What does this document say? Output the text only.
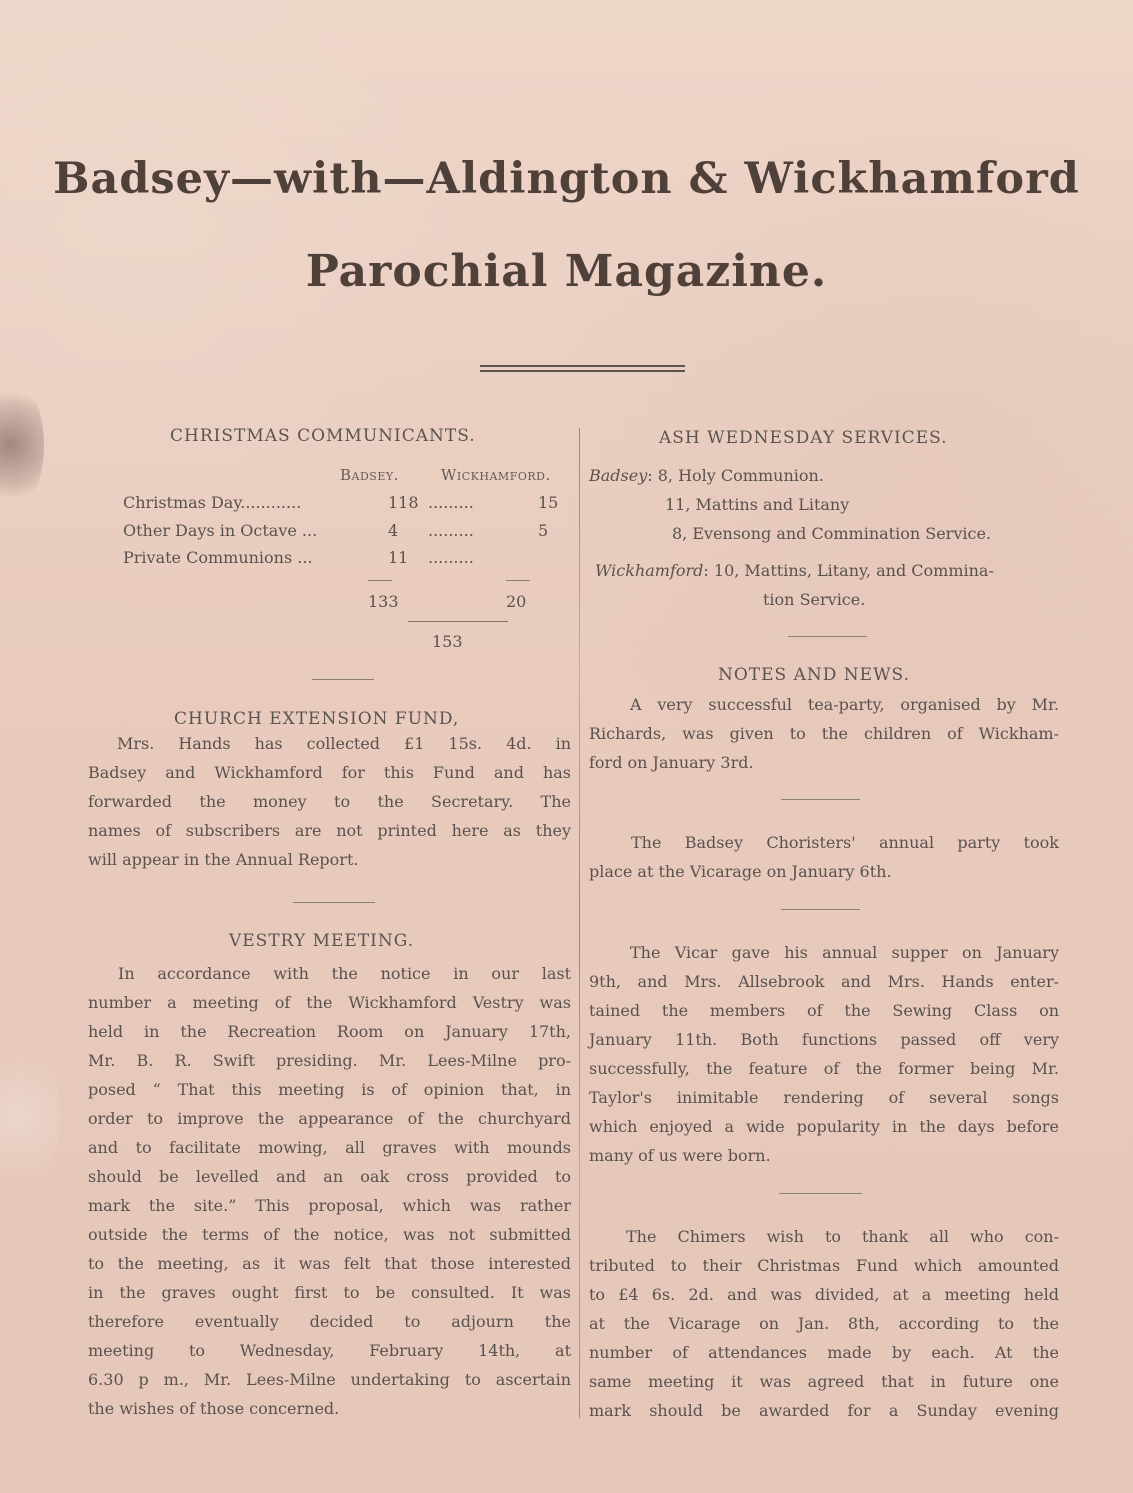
Badsey—with—Aldington & Wickhamford
Parochial Magazine.
CHRISTMAS COMMUNICANTS.
Badsey.	Wickhamford.
Christmas Day............	118 .........	15
Other Days in Octave ...	4 .........	5
Private Communions ...	11 .........
133	20
153
CHURCH EXTENSION FUND,
Mrs. Hands has collected £1 15s. 4d. in
Badsey and Wickhamford for this Fund and has
forwarded the money to the Secretary. The
names of subscribers are not printed here as they
will appear in the Annual Report.
VESTRY MEETING.
In accordance with the notice in our last
number a meeting of the Wickhamford Vestry was
held in the Recreation Room on January 17th,
Mr. B. R. Swift presiding. Mr. Lees-Milne pro-
posed “ That this meeting is of opinion that, in
order to improve the appearance of the churchyard
and to facilitate mowing, all graves with mounds
should be levelled and an oak cross provided to
mark the site.” This proposal, which was rather
outside the terms of the notice, was not submitted
to the meeting, as it was felt that those interested
in the graves ought first to be consulted. It was
therefore eventually decided to adjourn the
meeting to Wednesday, February 14th, at
6.30 p m., Mr. Lees-Milne undertaking to ascertain
the wishes of those concerned.
ASH WEDNESDAY SERVICES.
Badsey: 8, Holy Communion.
11, Mattins and Litany
8, Evensong and Commination Service.
Wickhamford: 10, Mattins, Litany, and Commina-
tion Service.
NOTES AND NEWS.
A very successful tea-party, organised by Mr.
Richards, was given to the children of Wickham-
ford on January 3rd.
The Badsey Choristers' annual party took
place at the Vicarage on January 6th.
The Vicar gave his annual supper on January
9th, and Mrs. Allsebrook and Mrs. Hands enter-
tained the members of the Sewing Class on
January 11th. Both functions passed off very
successfully, the feature of the former being Mr.
Taylor's inimitable rendering of several songs
which enjoyed a wide popularity in the days before
many of us were born.
The Chimers wish to thank all who con-
tributed to their Christmas Fund which amounted
to £4 6s. 2d. and was divided, at a meeting held
at the Vicarage on Jan. 8th, according to the
number of attendances made by each. At the
same meeting it was agreed that in future one
mark should be awarded for a Sunday evening
